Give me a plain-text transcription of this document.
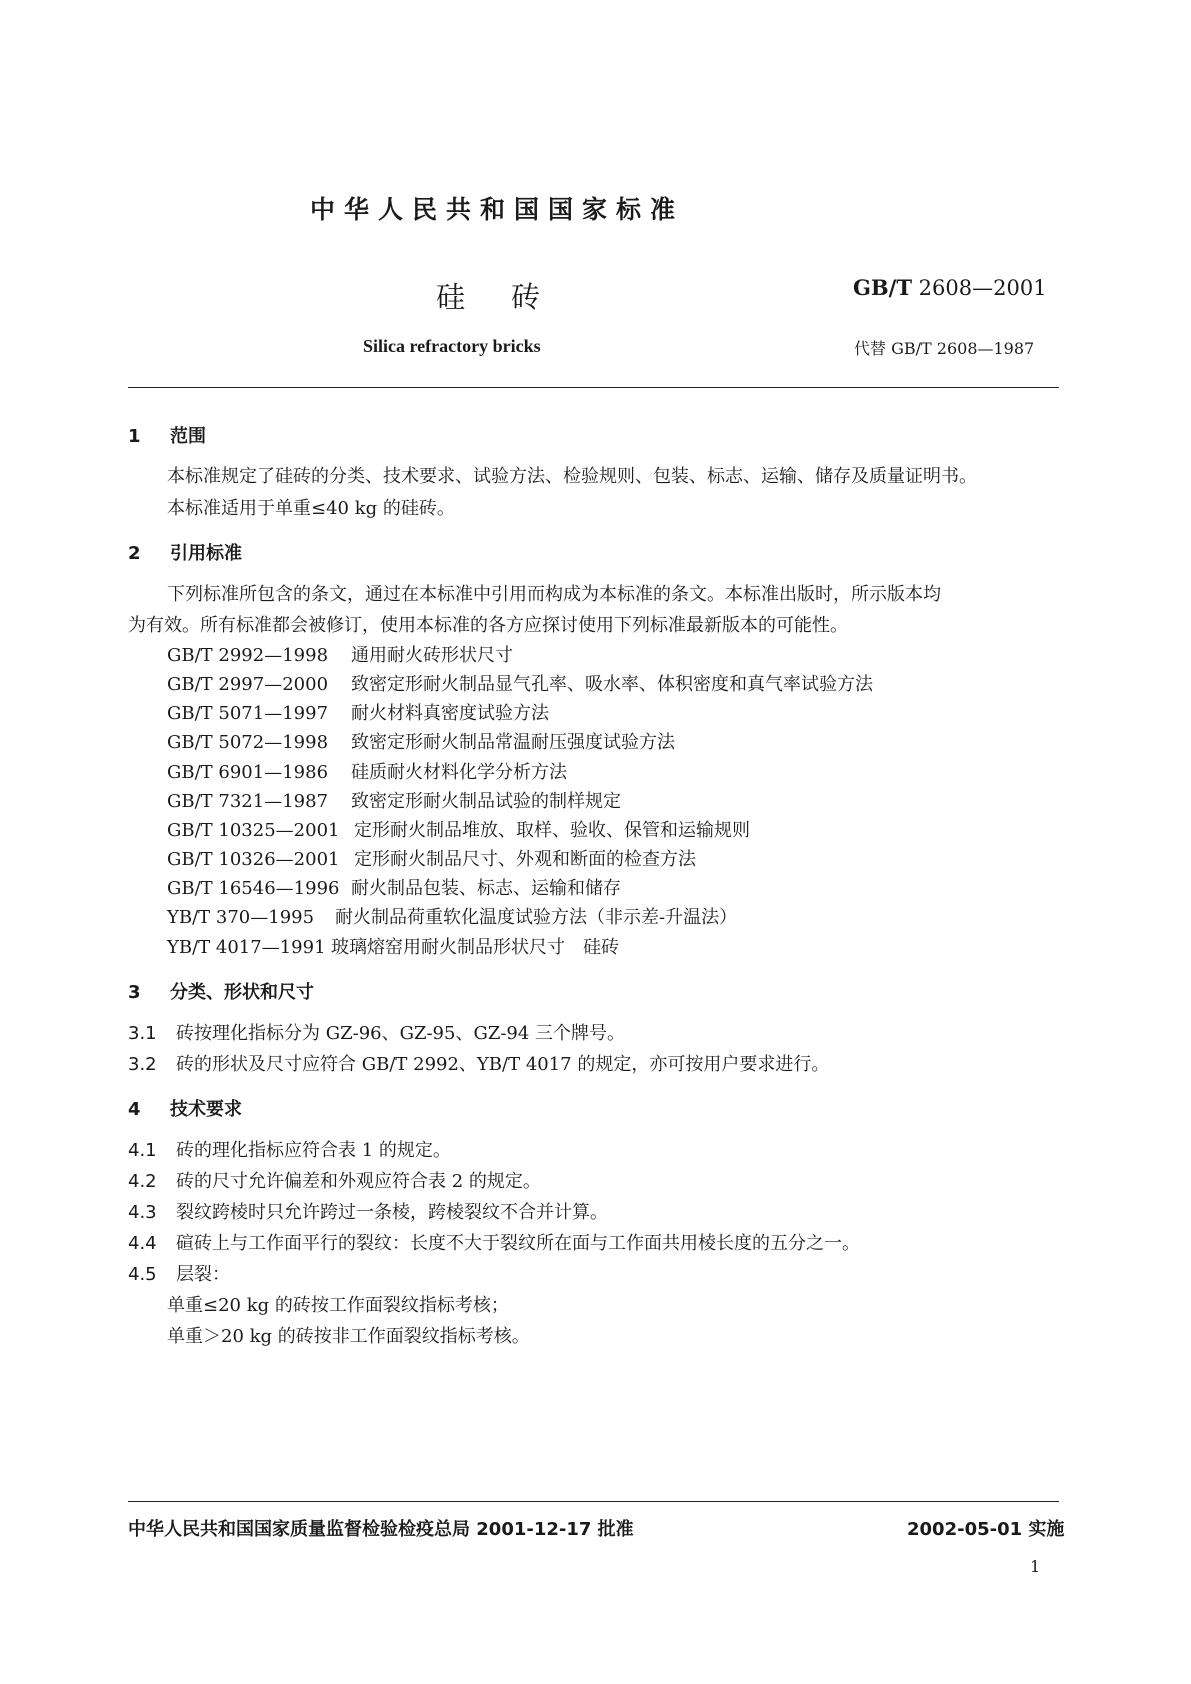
中华人民共和国国家标准
硅砖	GB/T 2608—2001
Silica refractory bricks	代替 GB/T 2608—1987
1 范围
本标准规定了硅砖的分类、技术要求、试验方法、检验规则、包装、标志、运输、储存及质量证明书。
本标准适用于单重≤40 kg 的硅砖。
2 引用标准
下列标准所包含的条文，通过在本标准中引用而构成为本标准的条文。本标准出版时，所示版本均
为有效。所有标准都会被修订，使用本标准的各方应探讨使用下列标准最新版本的可能性。
GB/T 2992—1998 通用耐火砖形状尺寸
GB/T 2997—2000 致密定形耐火制品显气孔率、吸水率、体积密度和真气率试验方法
GB/T 5071—1997 耐火材料真密度试验方法
GB/T 5072—1998 致密定形耐火制品常温耐压强度试验方法
GB/T 6901—1986 硅质耐火材料化学分析方法
GB/T 7321—1987 致密定形耐火制品试验的制样规定
GB/T 10325—2001 定形耐火制品堆放、取样、验收、保管和运输规则
GB/T 10326—2001 定形耐火制品尺寸、外观和断面的检查方法
GB/T 16546—1996 耐火制品包装、标志、运输和储存
YB/T 370—1995 耐火制品荷重软化温度试验方法（非示差-升温法）
YB/T 4017—1991 玻璃熔窑用耐火制品形状尺寸　硅砖
3 分类、形状和尺寸
3.1 砖按理化指标分为 GZ-96、GZ-95、GZ-94 三个牌号。
3.2 砖的形状及尺寸应符合 GB/T 2992、YB/T 4017 的规定，亦可按用户要求进行。
4 技术要求
4.1 砖的理化指标应符合表 1 的规定。
4.2 砖的尺寸允许偏差和外观应符合表 2 的规定。
4.3 裂纹跨棱时只允许跨过一条棱，跨棱裂纹不合并计算。
4.4 碹砖上与工作面平行的裂纹：长度不大于裂纹所在面与工作面共用棱长度的五分之一。
4.5 层裂：
单重≤20 kg 的砖按工作面裂纹指标考核；
单重＞20 kg 的砖按非工作面裂纹指标考核。
中华人民共和国国家质量监督检验检疫总局 2001-12-17 批准	2002-05-01 实施
1
